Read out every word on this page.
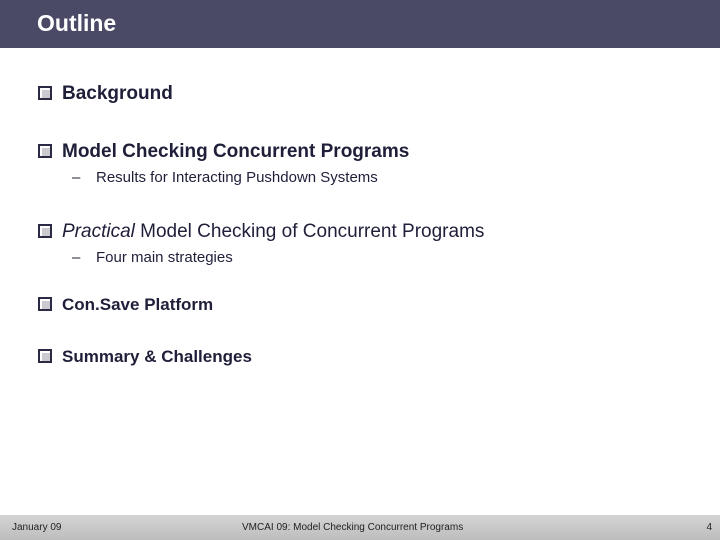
Outline
Background
Model Checking Concurrent Programs
– Results for Interacting Pushdown Systems
Practical Model Checking of Concurrent Programs
– Four main strategies
Con.Save Platform
Summary & Challenges
January 09	VMCAI 09: Model Checking Concurrent Programs	4
